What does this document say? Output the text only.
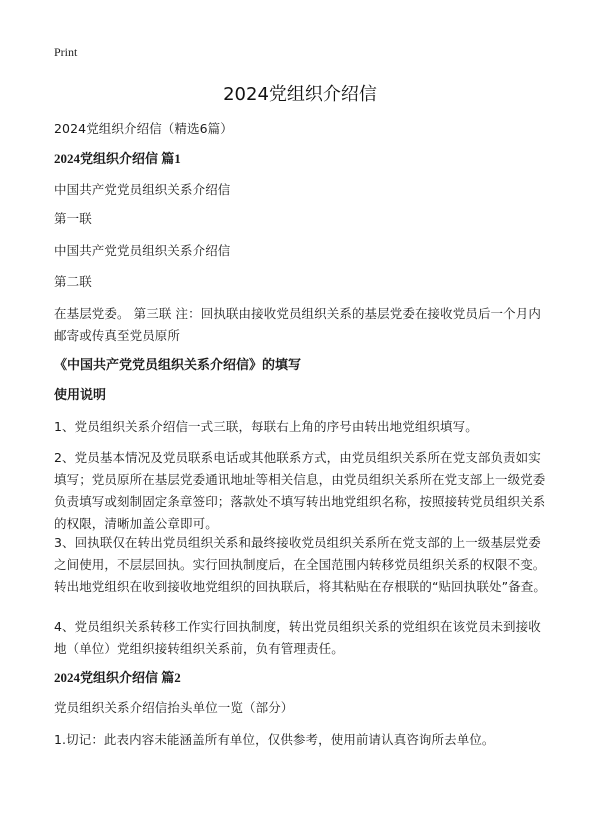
Print
2024党组织介绍信

2024党组织介绍信（精选6篇）

2024党组织介绍信 篇1

中国共产党党员组织关系介绍信

第一联

中国共产党党员组织关系介绍信

第二联

在基层党委。 第三联 注：回执联由接收党员组织关系的基层党委在接收党员后一个月内邮寄或传真至党员原所

《中国共产党党员组织关系介绍信》的填写

使用说明

1、党员组织关系介绍信一式三联，每联右上角的序号由转出地党组织填写。

2、党员基本情况及党员联系电话或其他联系方式，由党员组织关系所在党支部负责如实填写；党员原所在基层党委通讯地址等相关信息，由党员组织关系所在党支部上一级党委负责填写或刻制固定条章签印；落款处不填写转出地党组织名称，按照接转党员组织关系的权限，清晰加盖公章即可。

3、回执联仅在转出党员组织关系和最终接收党员组织关系所在党支部的上一级基层党委之间使用，不层层回执。实行回执制度后，在全国范围内转移党员组织关系的权限不变。转出地党组织在收到接收地党组织的回执联后，将其粘贴在存根联的“贴回执联处”备查。

4、党员组织关系转移工作实行回执制度，转出党员组织关系的党组织在该党员未到接收地（单位）党组织接转组织关系前，负有管理责任。

2024党组织介绍信 篇2

党员组织关系介绍信抬头单位一览（部分）

1.切记：此表内容未能涵盖所有单位，仅供参考，使用前请认真咨询所去单位。
